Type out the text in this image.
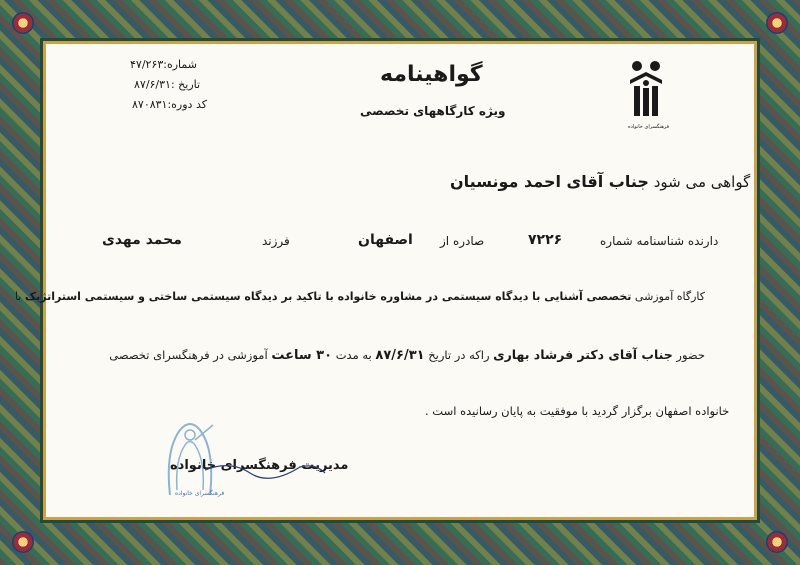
شماره:۴۷/۲۶۳
تاریخ :۸۷/۶/۳۱
کد دوره:۸۷۰۸۳۱
گواهینامه
ویژه کارگاههای تخصصی
فرهنگسرای خانواده
گواهی می شود جناب آقای احمد مونسیان
دارنده شناسنامه شماره
۷۲۲۶
صادره از
اصفهان
فرزند
محمد مهدی
کارگاه آموزشی تخصصی آشنایی با دیدگاه سیستمی در مشاوره خانواده با تاکید بر دیدگاه سیستمی ساختی و سیستمی استراتژیک با
حضور جناب آقای دکتر فرشاد بهاری راکه در تاریخ ۸۷/۶/۳۱ به مدت ۳۰ ساعت آموزشی در فرهنگسرای تخصصی
خانواده اصفهان برگزار گردید با موفقیت به پایان رسانیده است .
فرهنگسرای خانواده
مدیریت فرهنگسرای خانواده
